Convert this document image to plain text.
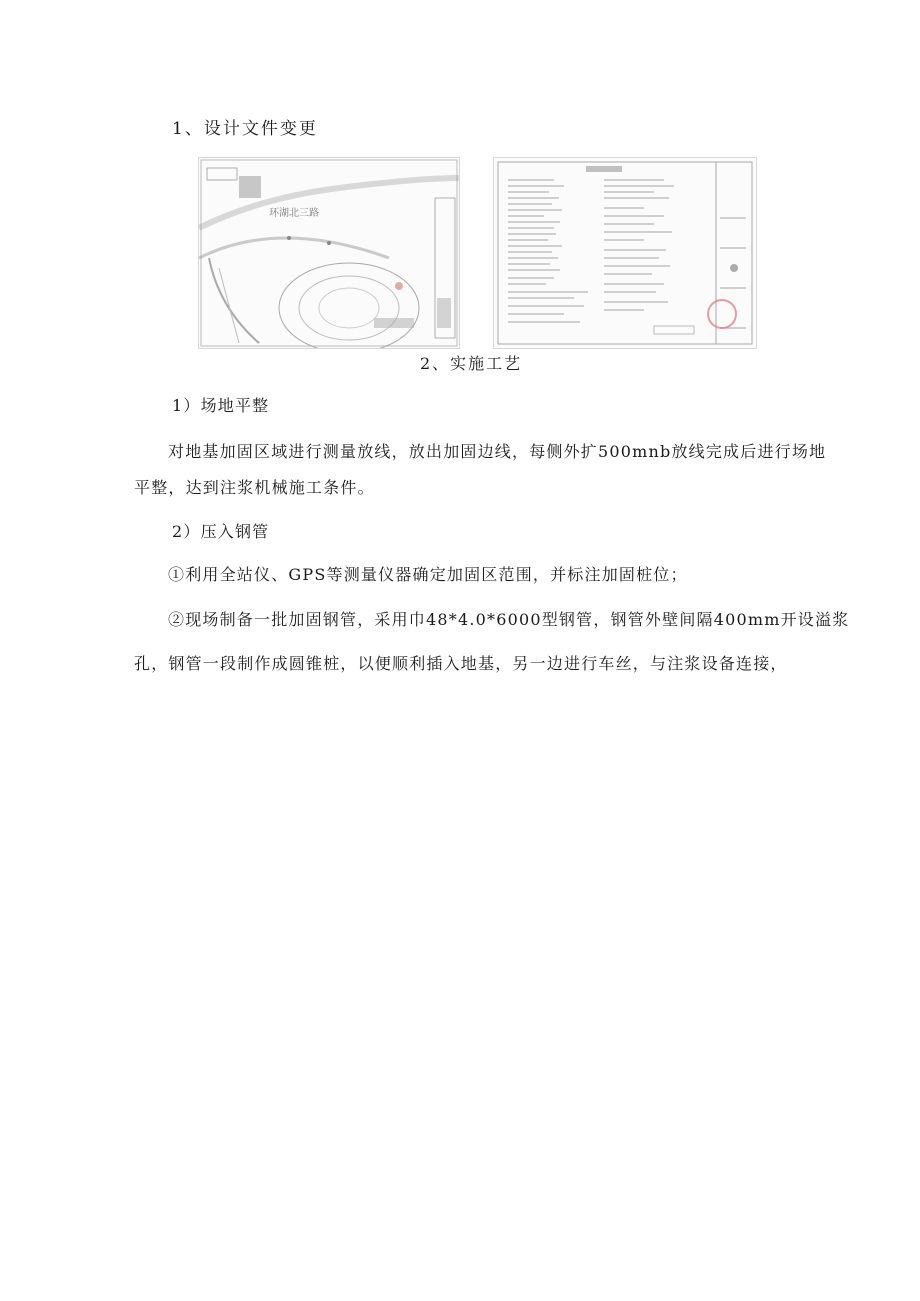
1、设计文件变更
环湖北三路
2、实施工艺
1）场地平整
对地基加固区域进行测量放线，放出加固边线，每侧外扩500mnb放线完成后进行场地
平整，达到注浆机械施工条件。
2）压入钢管
①利用全站仪、GPS等测量仪器确定加固区范围，并标注加固桩位；
②现场制备一批加固钢管，采用巾48*4.0*6000型钢管，钢管外壁间隔400mm开设溢浆
孔，钢管一段制作成圆锥桩，以便顺利插入地基，另一边进行车丝，与注浆设备连接，
